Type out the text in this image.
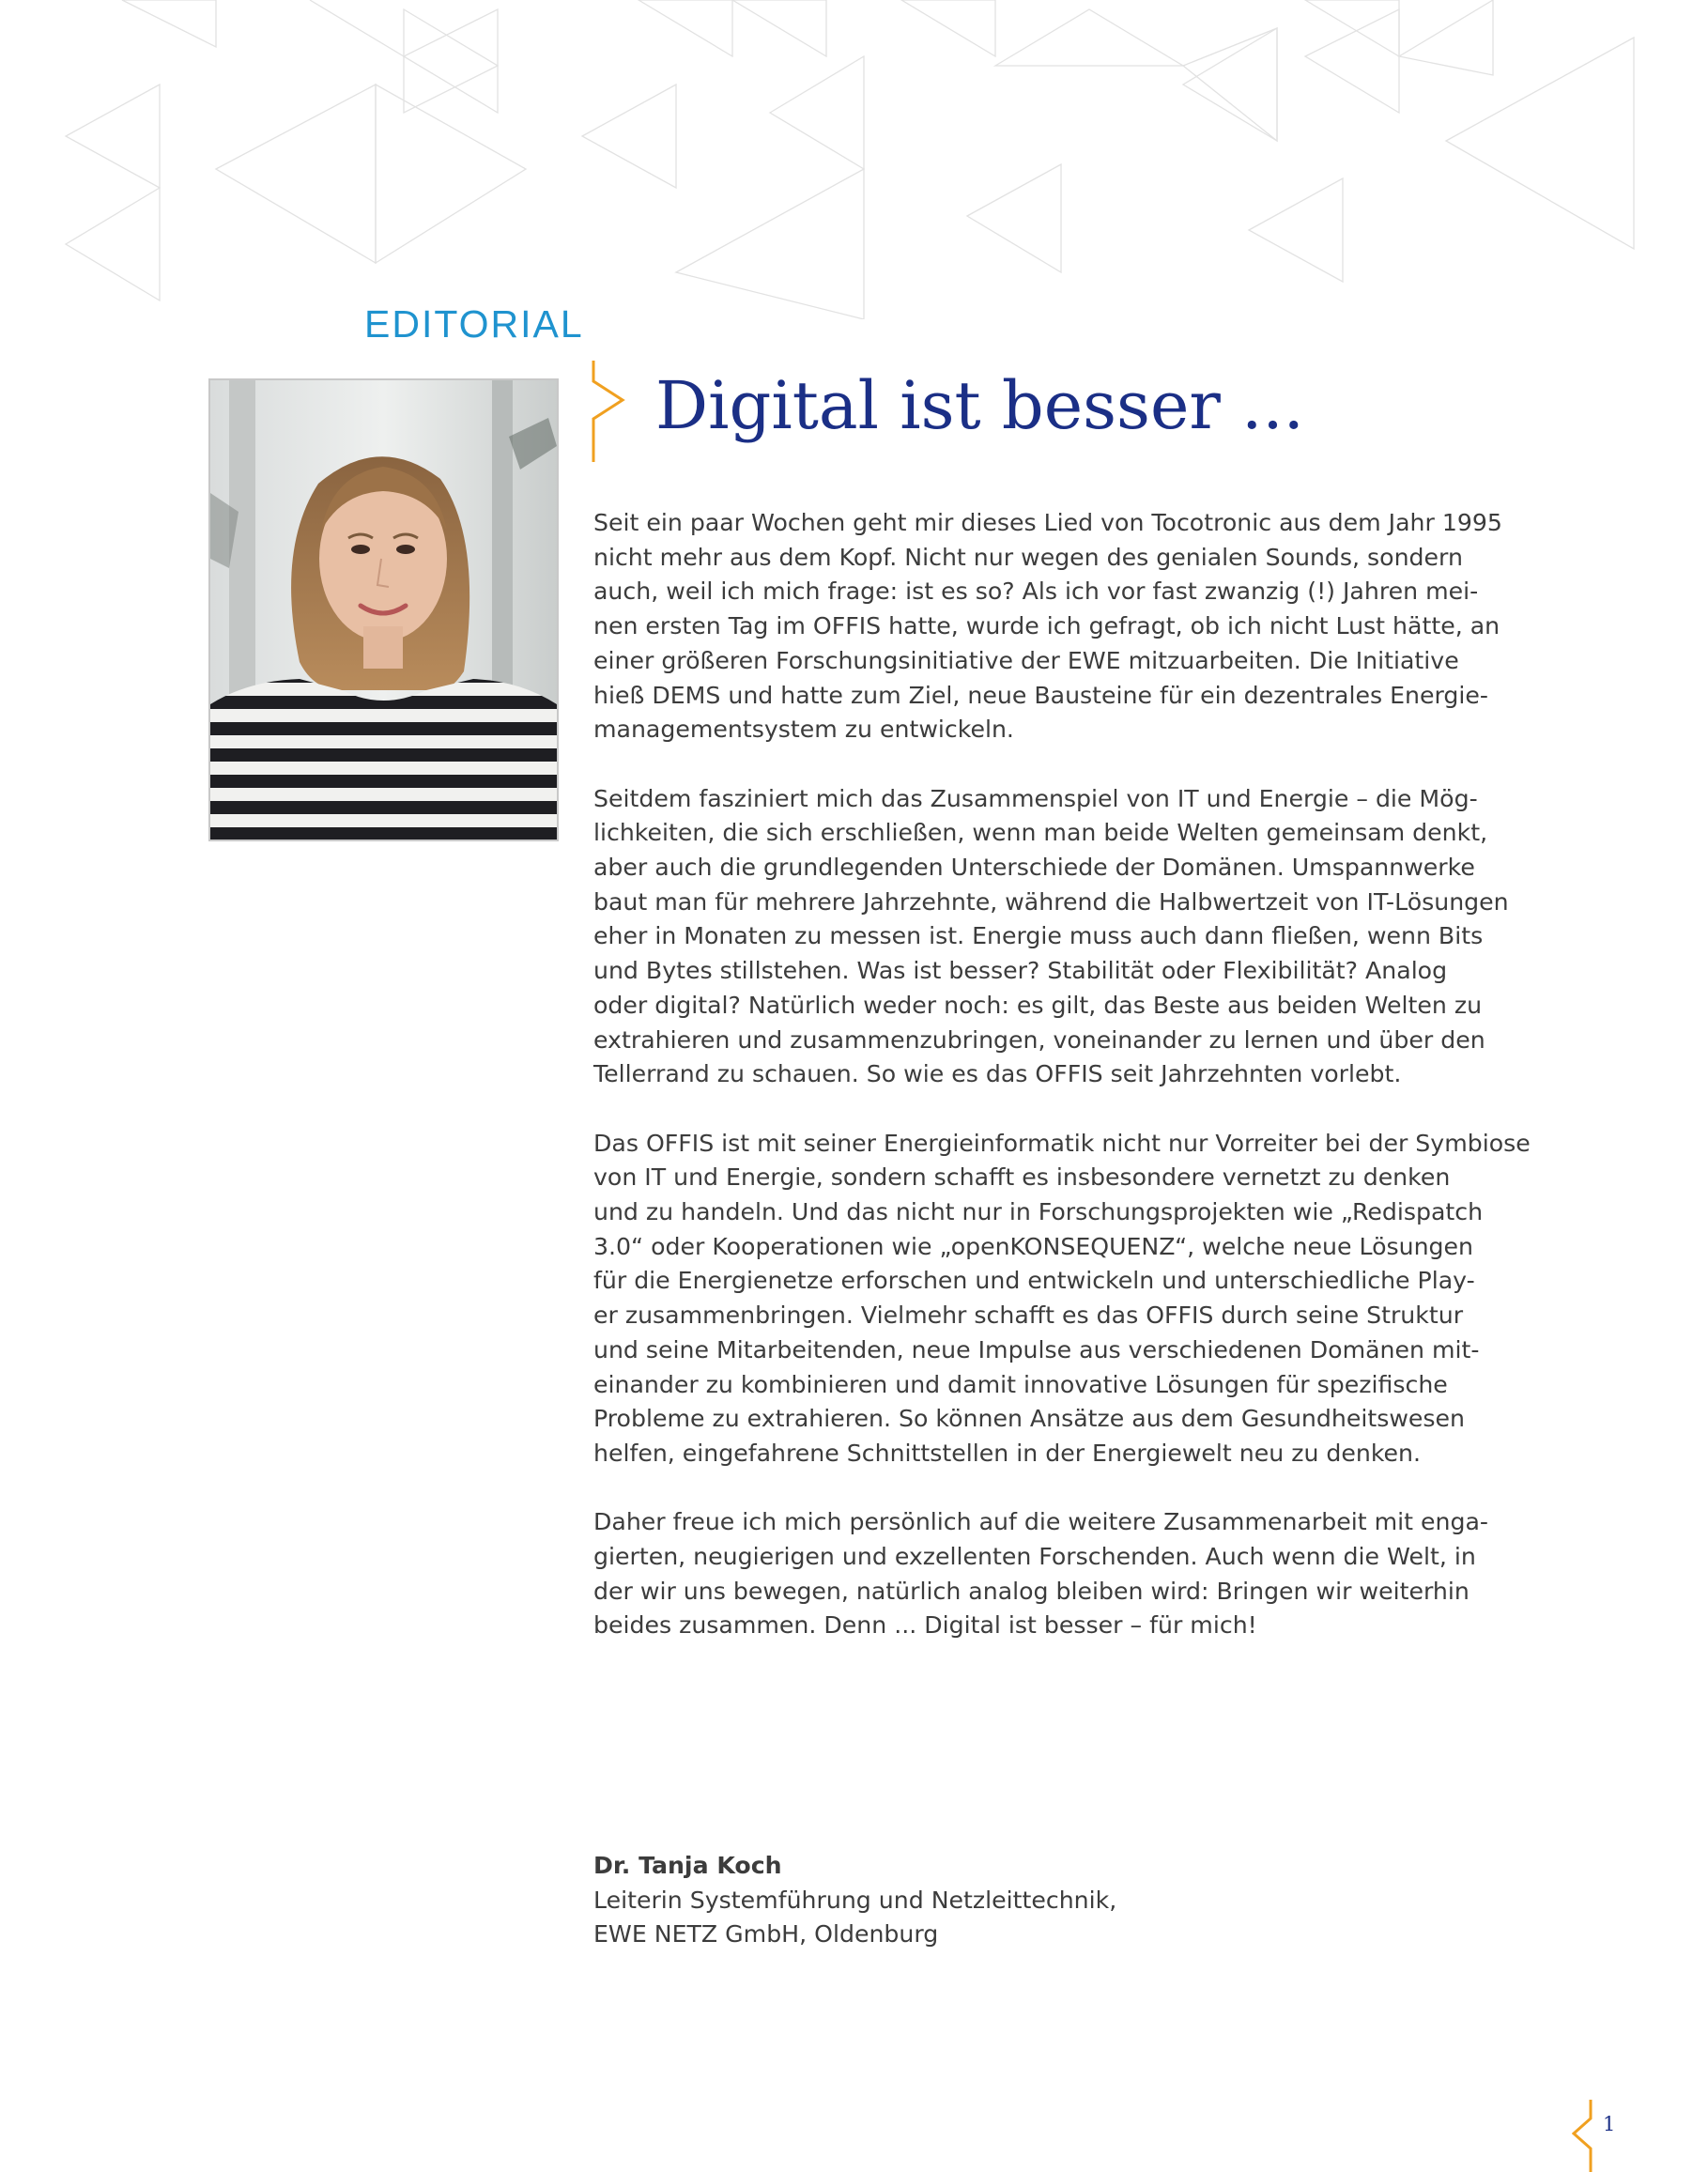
EDITORIAL
Digital ist besser ...

Seit ein paar Wochen geht mir dieses Lied von Tocotronic aus dem Jahr 1995
nicht mehr aus dem Kopf. Nicht nur wegen des genialen Sounds, sondern
auch, weil ich mich frage: ist es so? Als ich vor fast zwanzig (!) Jahren mei-
nen ersten Tag im OFFIS hatte, wurde ich gefragt, ob ich nicht Lust hätte, an
einer größeren Forschungsinitiative der EWE mitzuarbeiten. Die Initiative
hieß DEMS und hatte zum Ziel, neue Bausteine für ein dezentrales Energie-
managementsystem zu entwickeln.

Seitdem fasziniert mich das Zusammenspiel von IT und Energie – die Mög-
lichkeiten, die sich erschließen, wenn man beide Welten gemeinsam denkt,
aber auch die grundlegenden Unterschiede der Domänen. Umspannwerke
baut man für mehrere Jahrzehnte, während die Halbwertzeit von IT-Lösungen
eher in Monaten zu messen ist. Energie muss auch dann fließen, wenn Bits
und Bytes stillstehen. Was ist besser? Stabilität oder Flexibilität? Analog
oder digital? Natürlich weder noch: es gilt, das Beste aus beiden Welten zu
extrahieren und zusammenzubringen, voneinander zu lernen und über den
Tellerrand zu schauen. So wie es das OFFIS seit Jahrzehnten vorlebt.

Das OFFIS ist mit seiner Energieinformatik nicht nur Vorreiter bei der Symbiose
von IT und Energie, sondern schafft es insbesondere vernetzt zu denken
und zu handeln. Und das nicht nur in Forschungsprojekten wie „Redispatch
3.0“ oder Kooperationen wie „openKONSEQUENZ“, welche neue Lösungen
für die Energienetze erforschen und entwickeln und unterschiedliche Play-
er zusammenbringen. Vielmehr schafft es das OFFIS durch seine Struktur
und seine Mitarbeitenden, neue Impulse aus verschiedenen Domänen mit-
einander zu kombinieren und damit innovative Lösungen für spezifische
Probleme zu extrahieren. So können Ansätze aus dem Gesundheitswesen
helfen, eingefahrene Schnittstellen in der Energiewelt neu zu denken.

Daher freue ich mich persönlich auf die weitere Zusammenarbeit mit enga-
gierten, neugierigen und exzellenten Forschenden. Auch wenn die Welt, in
der wir uns bewegen, natürlich analog bleiben wird: Bringen wir weiterhin
beides zusammen. Denn ... Digital ist besser – für mich!

Dr. Tanja Koch
Leiterin Systemführung und Netzleittechnik,
EWE NETZ GmbH, Oldenburg
1
